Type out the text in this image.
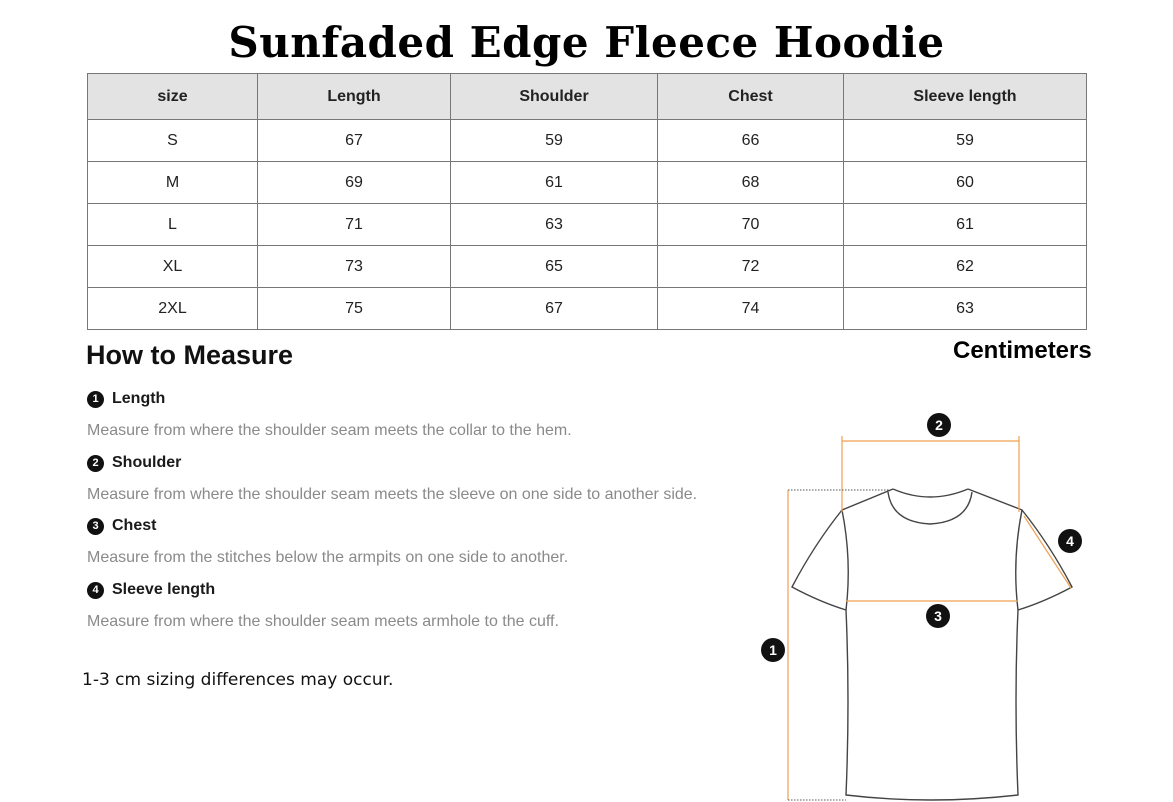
Sunfaded Edge Fleece Hoodie
size	Length	Shoulder	Chest	Sleeve length
S	67	59	66	59
M	69	61	68	60
L	71	63	70	61
XL	73	65	72	62
2XL	75	67	74	63
How to Measure	Centimeters
1 Length
Measure from where the shoulder seam meets the collar to the hem.
2 Shoulder
Measure from where the shoulder seam meets the sleeve on one side to another side.
3 Chest
Measure from the stitches below the armpits on one side to another.
4 Sleeve length
Measure from where the shoulder seam meets armhole to the cuff.
1-3 cm sizing differences may occur.
1
2
3
4
